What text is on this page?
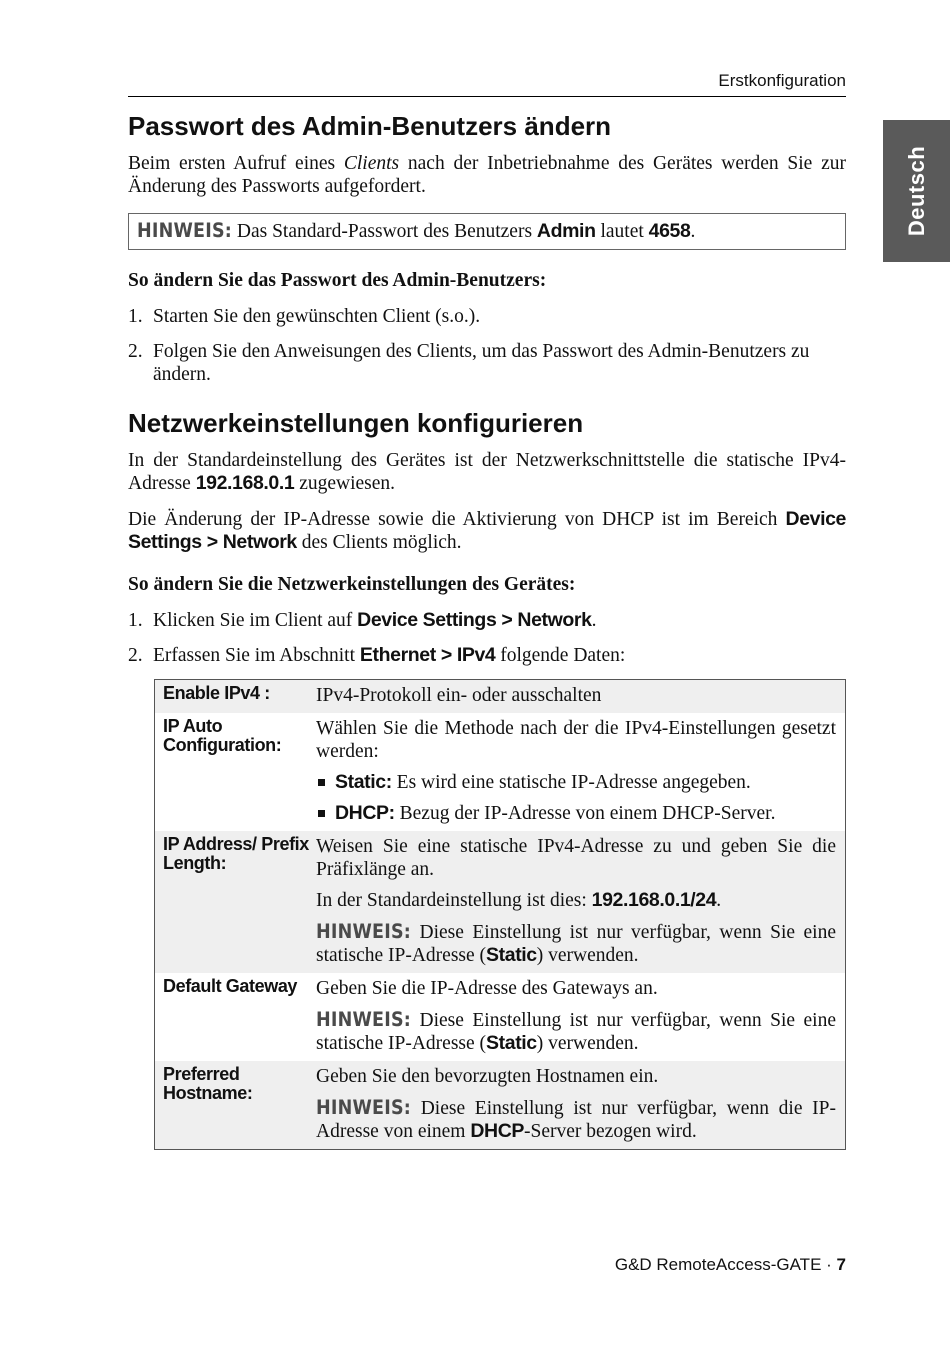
Erstkonfiguration
Deutsch
Passwort des Admin-Benutzers ändern

Beim ersten Aufruf eines Clients nach der Inbetriebnahme des Gerätes werden Sie zur Änderung des Passworts aufgefordert.

HINWEIS: Das Standard-Passwort des Benutzers Admin lautet 4658.

So ändern Sie das Passwort des Admin-Benutzers:

1. Starten Sie den gewünschten Client (s.o.).
2. Folgen Sie den Anweisungen des Clients, um das Passwort des Admin-Benutzers zu ändern.
Netzwerkeinstellungen konfigurieren

In der Standardeinstellung des Gerätes ist der Netzwerkschnittstelle die statische IPv4-Adresse 192.168.0.1 zugewiesen.

Die Änderung der IP-Adresse sowie die Aktivierung von DHCP ist im Bereich Device Settings > Network des Clients möglich.

So ändern Sie die Netzwerkeinstellungen des Gerätes:

1. Klicken Sie im Client auf Device Settings > Network.
2. Erfassen Sie im Abschnitt Ethernet > IPv4 folgende Daten:
Enable IPv4 :	IPv4-Protokoll ein- oder ausschalten

IP Auto Configuration:

Wählen Sie die Methode nach der die IPv4-Einstellungen gesetzt werden:

Static: Es wird eine statische IP-Adresse angegeben.
DHCP: Bezug der IP-Adresse von einem DHCP-Server.
IP Address/ Prefix Length:

Weisen Sie eine statische IPv4-Adresse zu und geben Sie die Präfixlänge an.

In der Standardeinstellung ist dies: 192.168.0.1/24.

HINWEIS: Diese Einstellung ist nur verfügbar, wenn Sie eine statische IP-Adresse (Static) verwenden.

Default Gateway Geben Sie die IP-Adresse des Gateways an.

HINWEIS: Diese Einstellung ist nur verfügbar, wenn Sie eine statische IP-Adresse (Static) verwenden.

Preferred Hostname:

Geben Sie den bevorzugten Hostnamen ein.

HINWEIS: Diese Einstellung ist nur verfügbar, wenn die IP-Adresse von einem DHCP-Server bezogen wird.

G&D RemoteAccess-GATE · 7
